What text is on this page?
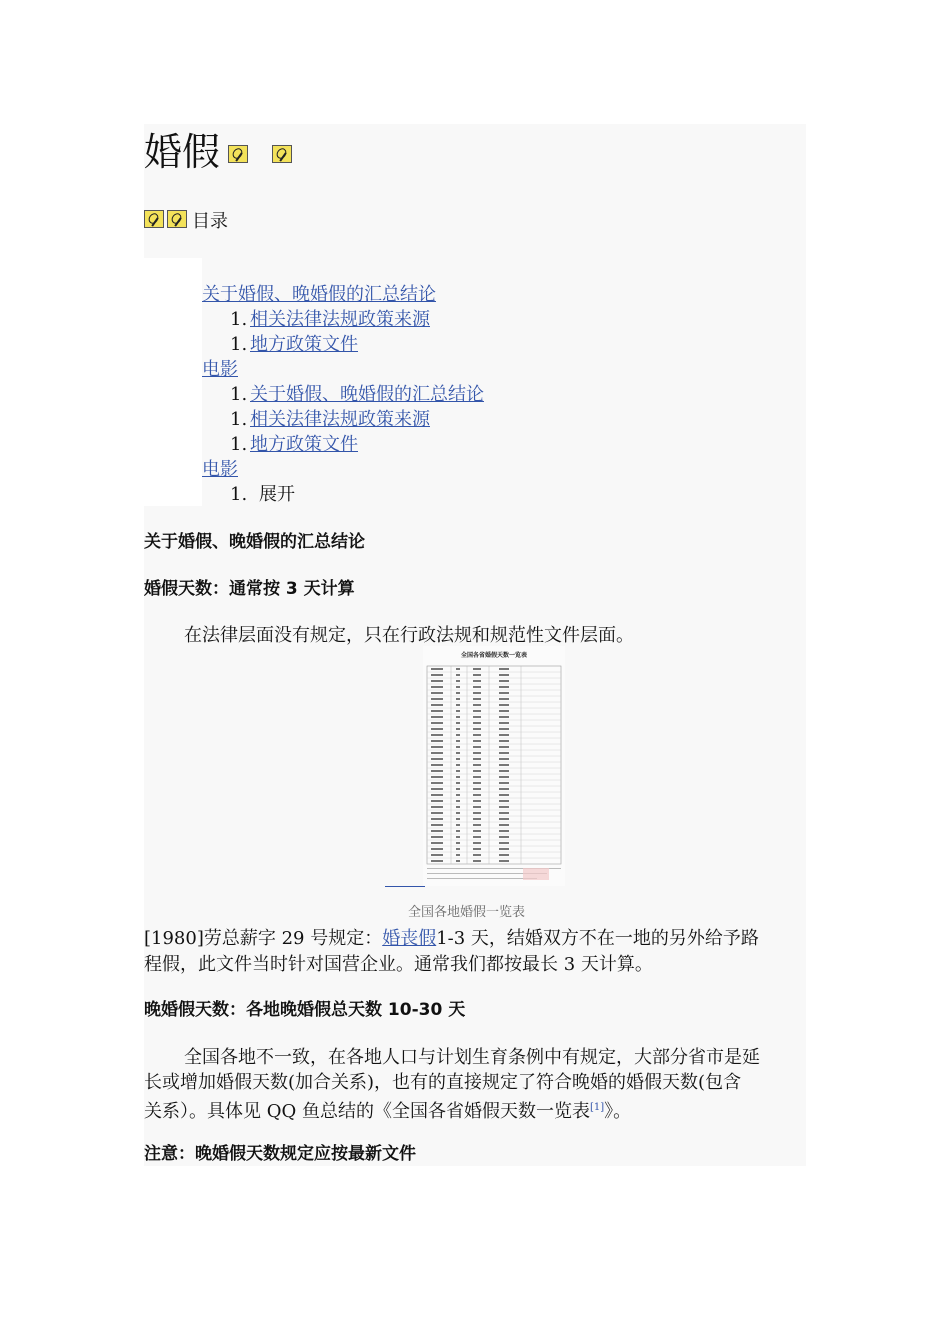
婚假
目录
关于婚假、晚婚假的汇总结论
1. 相关法律法规政策来源
1. 地方政策文件
电影
1. 关于婚假、晚婚假的汇总结论
1. 相关法律法规政策来源
1. 地方政策文件
电影
1. 展开
关于婚假、晚婚假的汇总结论
婚假天数：通常按 3 天计算
在法律层面没有规定，只在行政法规和规范性文件层面。
全国各省婚假天数一览表
全国各地婚假一览表
[1980]劳总薪字 29 号规定：婚丧假1-3 天，结婚双方不在一地的另外给予路
程假，此文件当时针对国营企业。通常我们都按最长 3 天计算。
晚婚假天数：各地晚婚假总天数 10-30 天
全国各地不一致，在各地人口与计划生育条例中有规定，大部分省市是延
长或增加婚假天数(加合关系)，也有的直接规定了符合晚婚的婚假天数(包含
关系）。具体见 QQ 鱼总结的《全国各省婚假天数一览表[1]》。
注意：晚婚假天数规定应按最新文件
